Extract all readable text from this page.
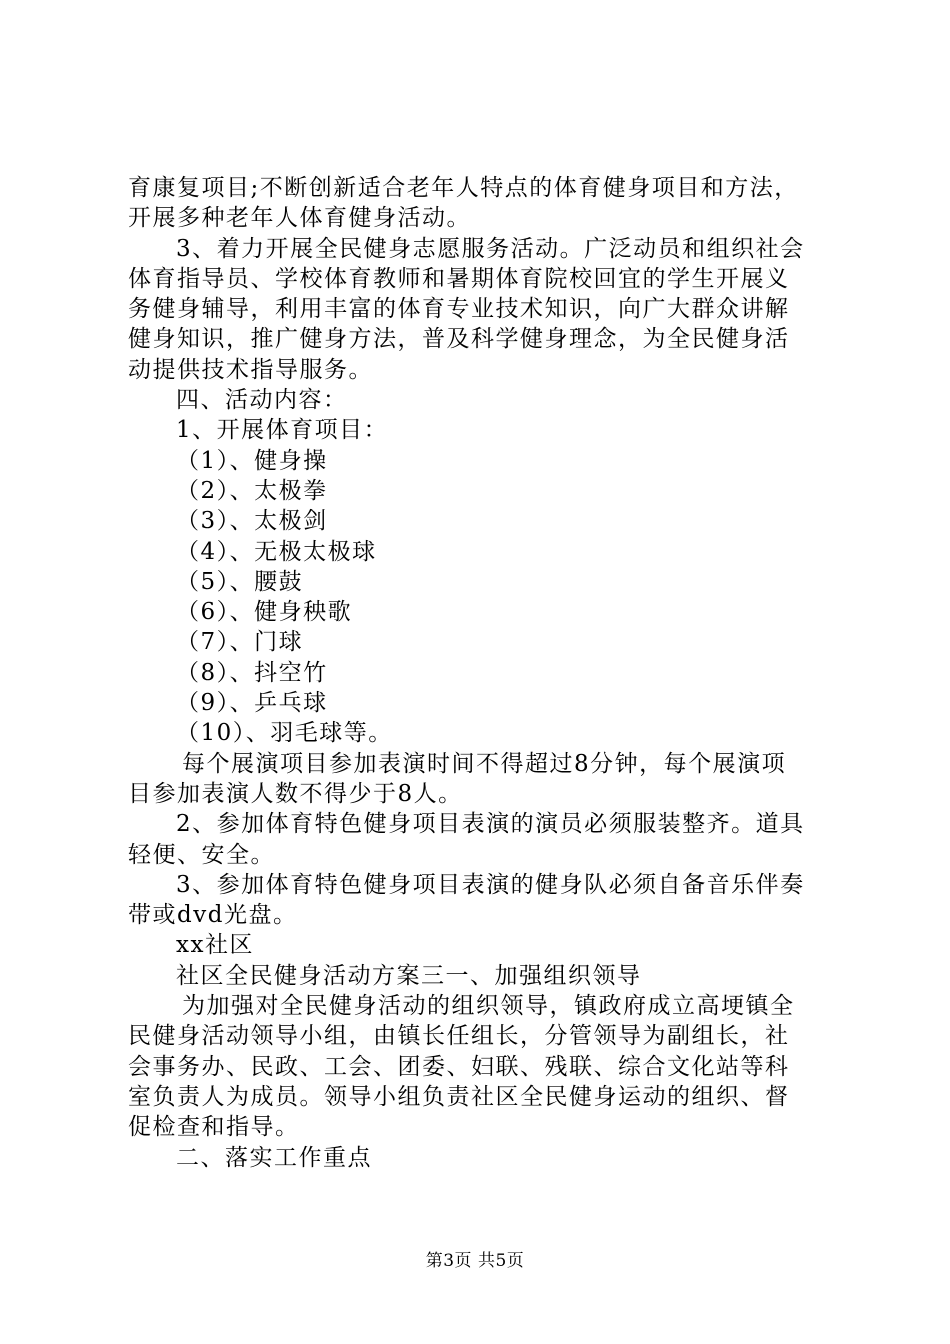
育康复项目;不断创新适合老年人特点的体育健身项目和方法，
开展多种老年人体育健身活动。
3、着力开展全民健身志愿服务活动。广泛动员和组织社会
体育指导员、学校体育教师和暑期体育院校回宜的学生开展义
务健身辅导，利用丰富的体育专业技术知识，向广大群众讲解
健身知识，推广健身方法，普及科学健身理念，为全民健身活
动提供技术指导服务。
四、活动内容：
1、开展体育项目：
（1）、健身操
（2）、太极拳
（3）、太极剑
（4）、无极太极球
（5）、腰鼓
（6）、健身秧歌
（7）、门球
（8）、抖空竹
（9）、乒乓球
（10）、羽毛球等。
每个展演项目参加表演时间不得超过8分钟，每个展演项
目参加表演人数不得少于8人。
2、参加体育特色健身项目表演的演员必须服装整齐。道具
轻便、安全。
3、参加体育特色健身项目表演的健身队必须自备音乐伴奏
带或dvd光盘。
xx社区
社区全民健身活动方案三一、加强组织领导
为加强对全民健身活动的组织领导，镇政府成立高埂镇全
民健身活动领导小组，由镇长任组长，分管领导为副组长，社
会事务办、民政、工会、团委、妇联、残联、综合文化站等科
室负责人为成员。领导小组负责社区全民健身运动的组织、督
促检查和指导。
二、落实工作重点
第3页 共5页
